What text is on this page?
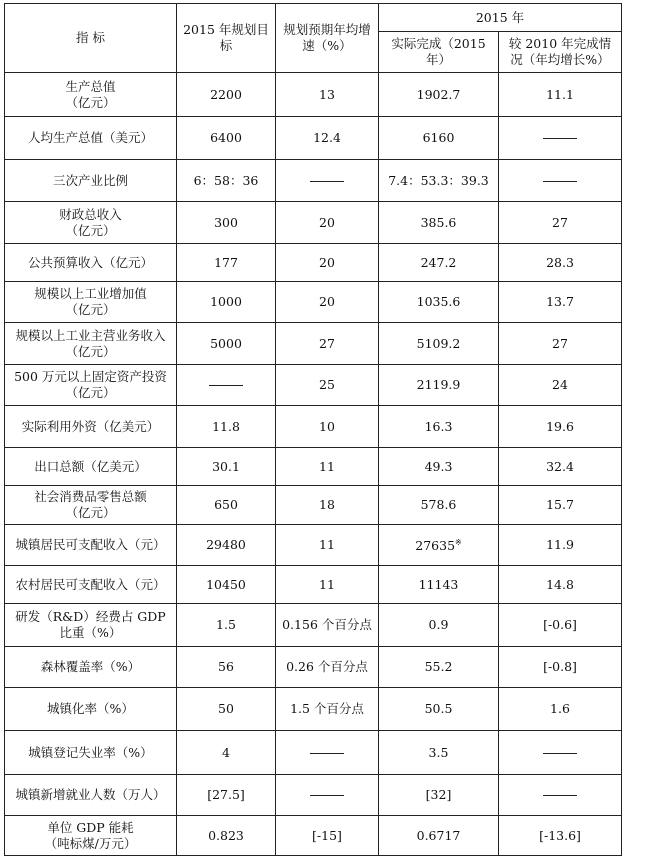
指 标	2015 年规划目标	规划预期年均增速（%）	2015 年	
			实际完成（2015 年）	较 2010 年完成情况（年均增长%）

生产总值
（亿元）	2200	13	1902.7	11.1

人均生产总值（美元）	6400	12.4	6160	

三次产业比例	6：58：36		7.4：53.3：39.3	

财政总收入
（亿元）	300	20	385.6	27

公共预算收入（亿元）	177	20	247.2	28.3

规模以上工业增加值
（亿元）	1000	20	1035.6	13.7

规模以上工业主营业务收入
（亿元）	5000	27	5109.2	27

500 万元以上固定资产投资
（亿元）		25	2119.9	24

实际利用外资（亿美元）	11.8	10	16.3	19.6

出口总额（亿美元）	30.1	11	49.3	32.4

社会消费品零售总额
（亿元）	650	18	578.6	15.7

城镇居民可支配收入（元）	29480	11	27635※	11.9

农村居民可支配收入（元）	10450	11	11143	14.8

研发（R&D）经费占 GDP
比重（%）	1.5	0.156 个百分点	0.9	[-0.6]

森林覆盖率（%）	56	0.26 个百分点	55.2	[-0.8]

城镇化率（%）	50	1.5 个百分点	50.5	1.6

城镇登记失业率（%）	4		3.5	

城镇新增就业人数（万人）	[27.5]		[32]	

单位 GDP 能耗
（吨标煤/万元）	0.823	[-15]	0.6717	[-13.6]
